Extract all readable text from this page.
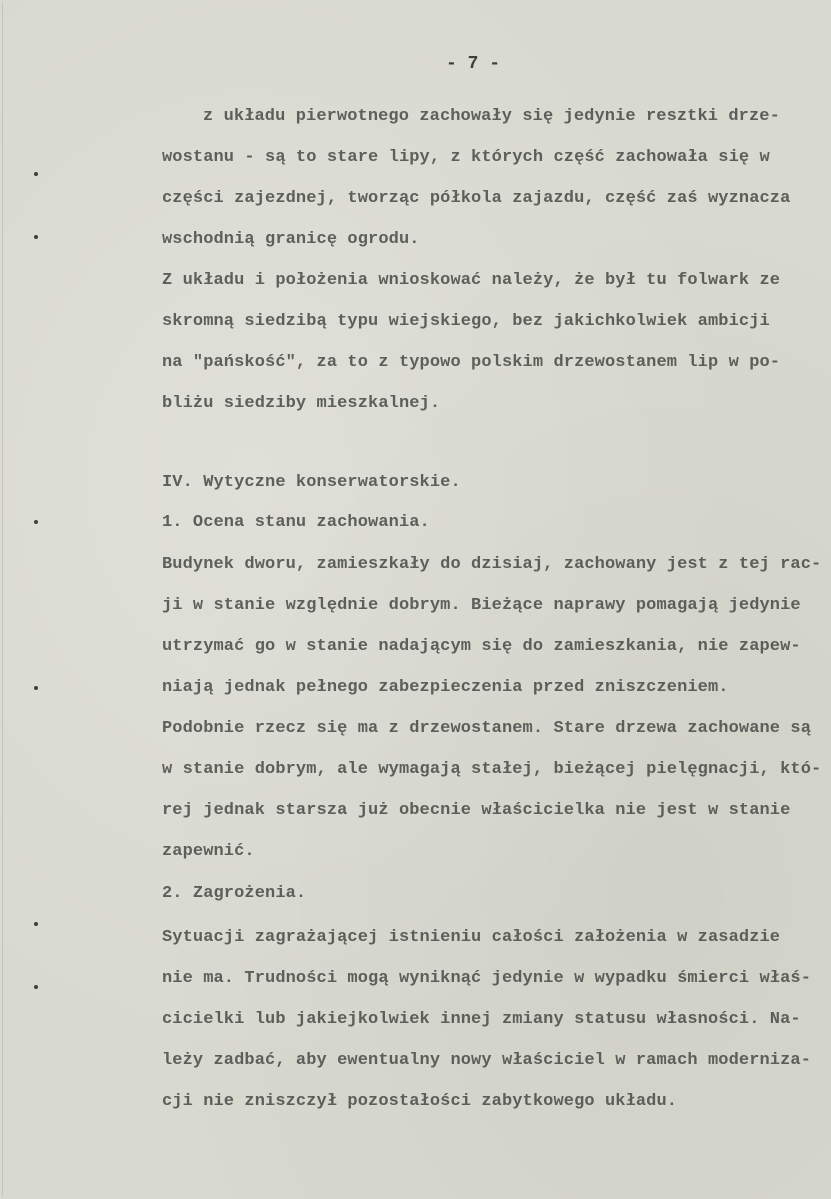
- 7 -
z układu pierwotnego zachowały się jedynie resztki drze-
wostanu - są to stare lipy, z których część zachowała się w
części zajezdnej, tworząc półkola zajazdu, część zaś wyznacza
wschodnią granicę ogrodu.
Z układu i położenia wnioskować należy, że był tu folwark ze
skromną siedzibą typu wiejskiego, bez jakichkolwiek ambicji
na "pańskość", za to z typowo polskim drzewostanem lip w po-
bliżu siedziby mieszkalnej.
IV. Wytyczne konserwatorskie.
1. Ocena stanu zachowania.
Budynek dworu, zamieszkały do dzisiaj, zachowany jest z tej rac-
ji w stanie względnie dobrym. Bieżące naprawy pomagają jedynie
utrzymać go w stanie nadającym się do zamieszkania, nie zapew-
niają jednak pełnego zabezpieczenia przed zniszczeniem.
Podobnie rzecz się ma z drzewostanem. Stare drzewa zachowane są
w stanie dobrym, ale wymagają stałej, bieżącej pielęgnacji, któ-
rej jednak starsza już obecnie właścicielka nie jest w stanie
zapewnić.
2. Zagrożenia.
Sytuacji zagrażającej istnieniu całości założenia w zasadzie
nie ma. Trudności mogą wyniknąć jedynie w wypadku śmierci właś-
cicielki lub jakiejkolwiek innej zmiany statusu własności. Na-
leży zadbać, aby ewentualny nowy właściciel w ramach moderniza-
cji nie zniszczył pozostałości zabytkowego układu.
